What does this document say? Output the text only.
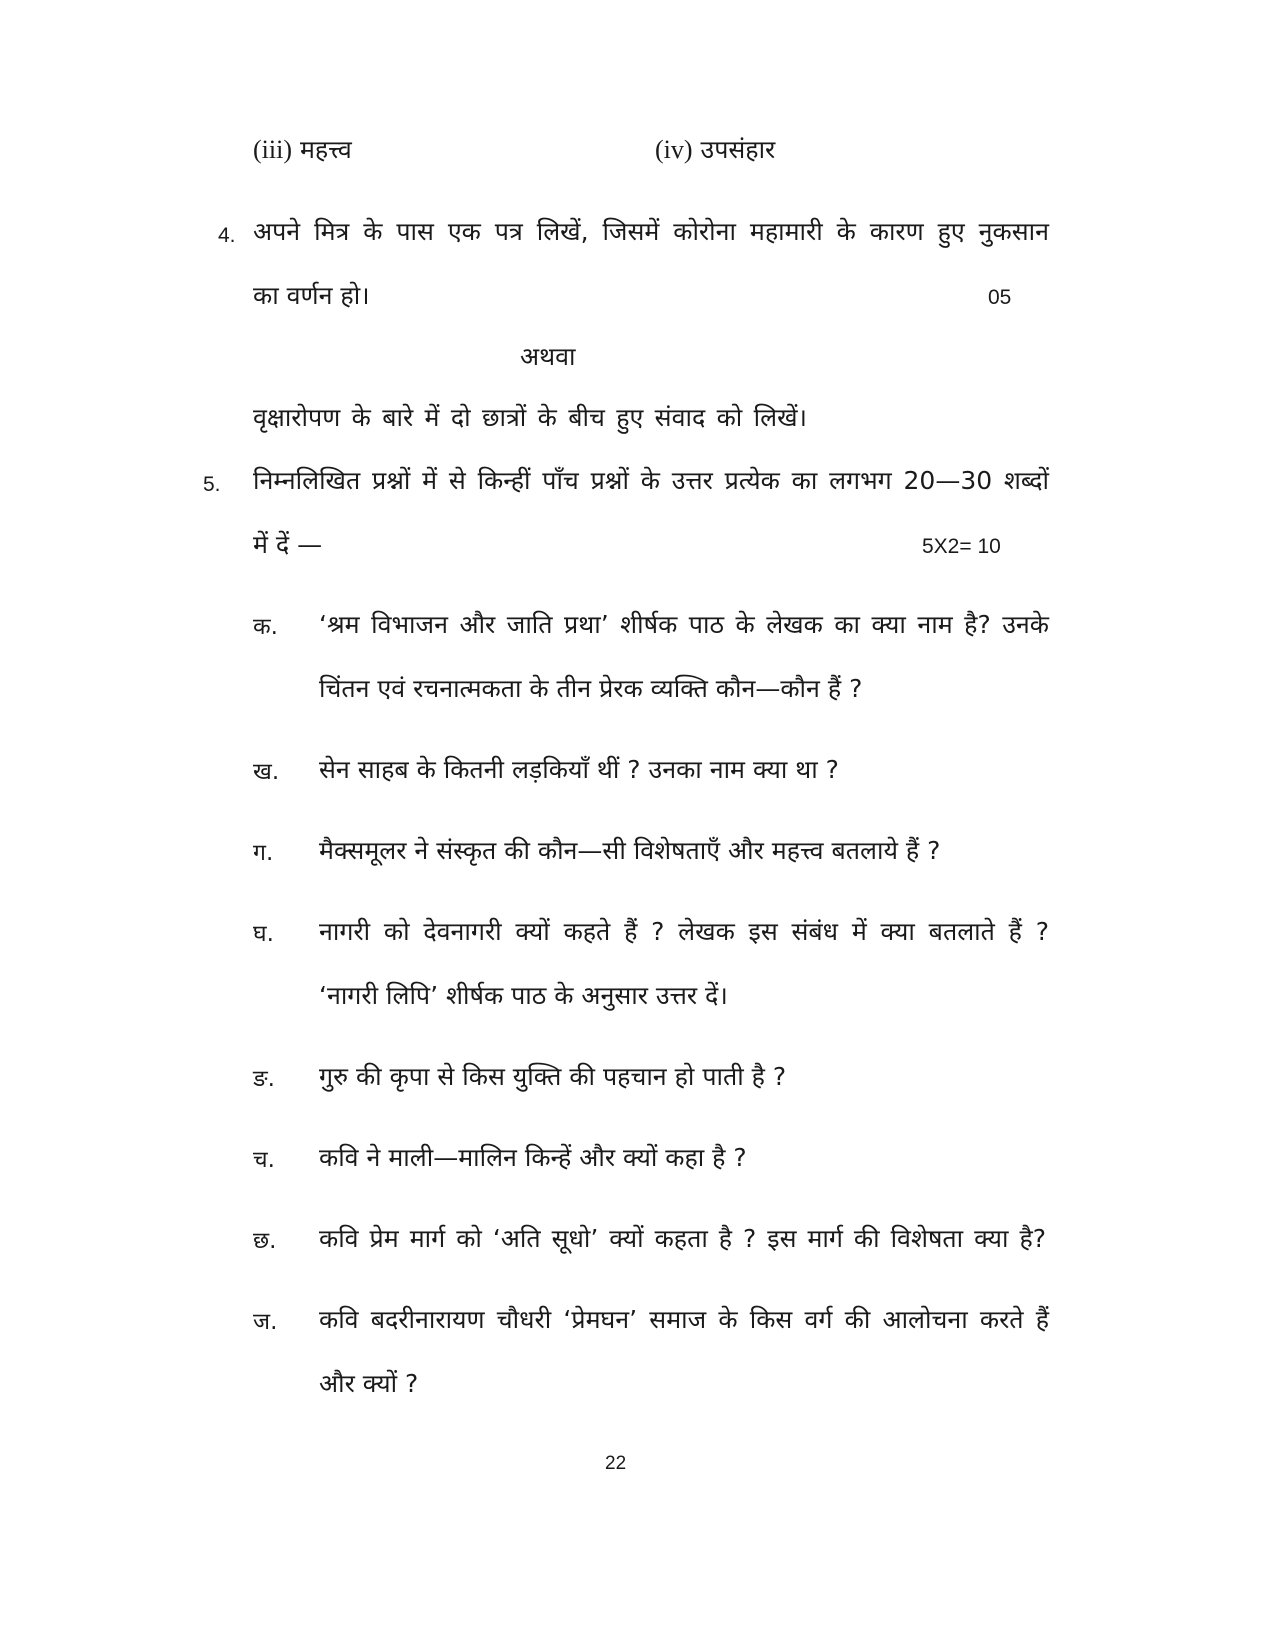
(iii) महत्त्व	(iv) उपसंहार
4. अपने मित्र के पास एक पत्र लिखें, जिसमें कोरोना महामारी के कारण हुए नुकसान
का वर्णन हो।	05
अथवा
वृक्षारोपण के बारे में दो छात्रों के बीच हुए संवाद को लिखें।
5. निम्नलिखित प्रश्नों में से किन्हीं पाँच प्रश्नों के उत्तर प्रत्येक का लगभग 20—30 शब्दों
में दें —	5X2= 10
क. ‘श्रम विभाजन और जाति प्रथा’ शीर्षक पाठ के लेखक का क्या नाम है? उनके
चिंतन एवं रचनात्मकता के तीन प्रेरक व्यक्ति कौन—कौन हैं ?
ख. सेन साहब के कितनी लड़कियाँ थीं ? उनका नाम क्या था ?
ग. मैक्समूलर ने संस्कृत की कौन—सी विशेषताएँ और महत्त्व बतलाये हैं ?
घ. नागरी को देवनागरी क्यों कहते हैं ? लेखक इस संबंध में क्या बतलाते हैं ?
‘नागरी लिपि’ शीर्षक पाठ के अनुसार उत्तर दें।
ङ. गुरु की कृपा से किस युक्ति की पहचान हो पाती है ?
च. कवि ने माली—मालिन किन्हें और क्यों कहा है ?
छ. कवि प्रेम मार्ग को ‘अति सूधो’ क्यों कहता है ? इस मार्ग की विशेषता क्या है?
ज. कवि बदरीनारायण चौधरी ‘प्रेमघन’ समाज के किस वर्ग की आलोचना करते हैं
और क्यों ?
22
